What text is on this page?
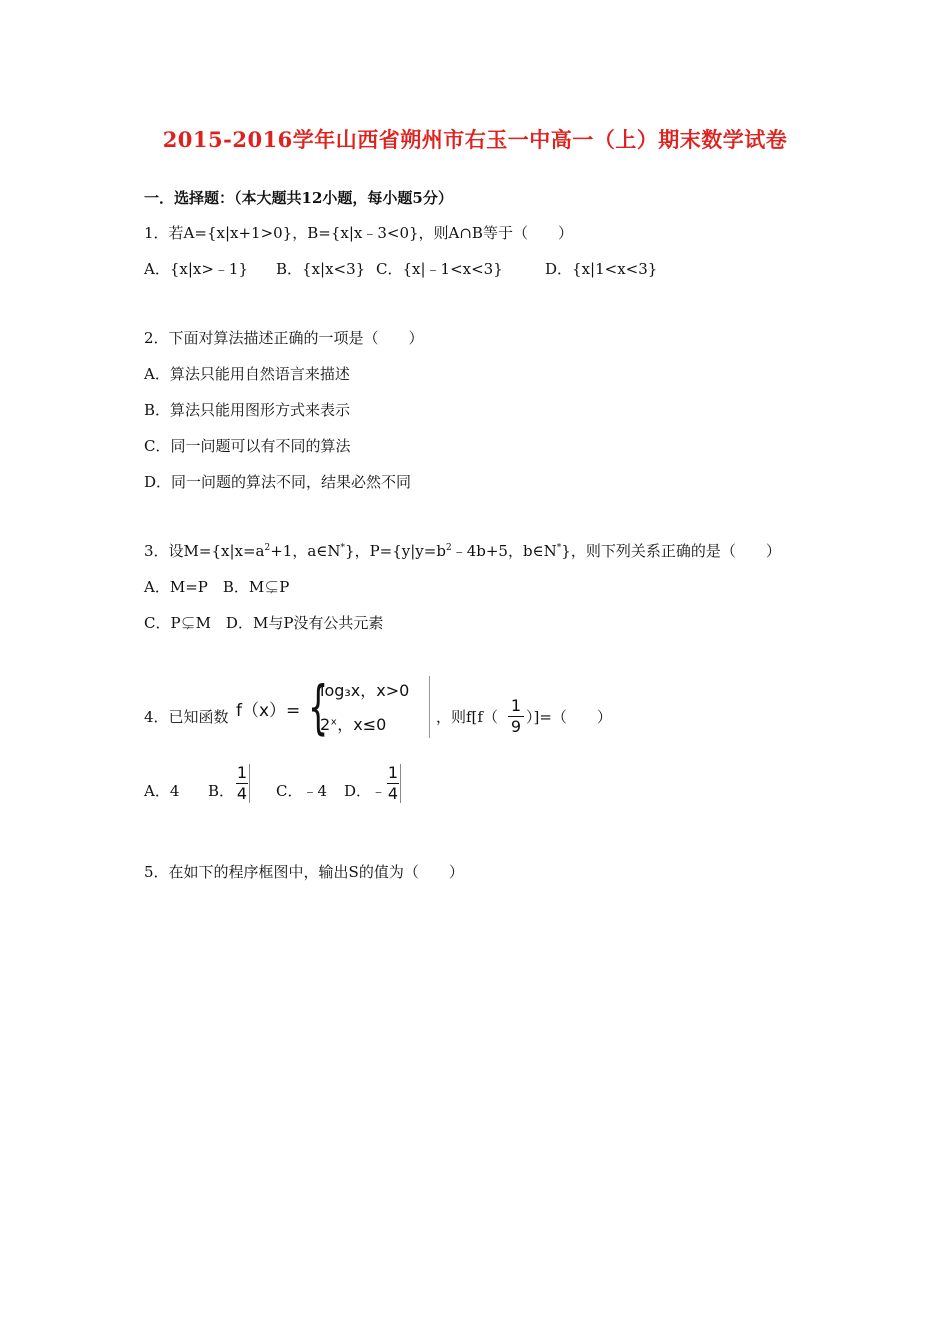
2015-2016学年山西省朔州市右玉一中高一（上）期末数学试卷
一．选择题：（本大题共12小题，每小题5分）
1．若A={x|x+1>0}，B={x|x﹣3<0}，则A∩B等于（　　）
A．{x|x>﹣1} B．{x|x<3} C．{x|﹣1<x<3}	D．{x|1<x<3}
2．下面对算法描述正确的一项是（　　）
A．算法只能用自然语言来描述
B．算法只能用图形方式来表示
C．同一问题可以有不同的算法
D．同一问题的算法不同，结果必然不同
3．设$M=\{x|x=a^2+1$，a∈N*}，$P=\{y|y=b^2﹣4b+5$，b∈N*}，则下列关系正确的是（　　）
A．M=P　B．M⊊P
C．P⊊M　D．M与P没有公共元素
4．已知函数 f（x）= {
log₃x，x>0
2ˣ，x≤0	，则f[f（
1
9 ）]=（　　）
A．4 B．
1
4 C．﹣4 D．﹣
1
4
5．在如下的程序框图中，输出S的值为（　　）
